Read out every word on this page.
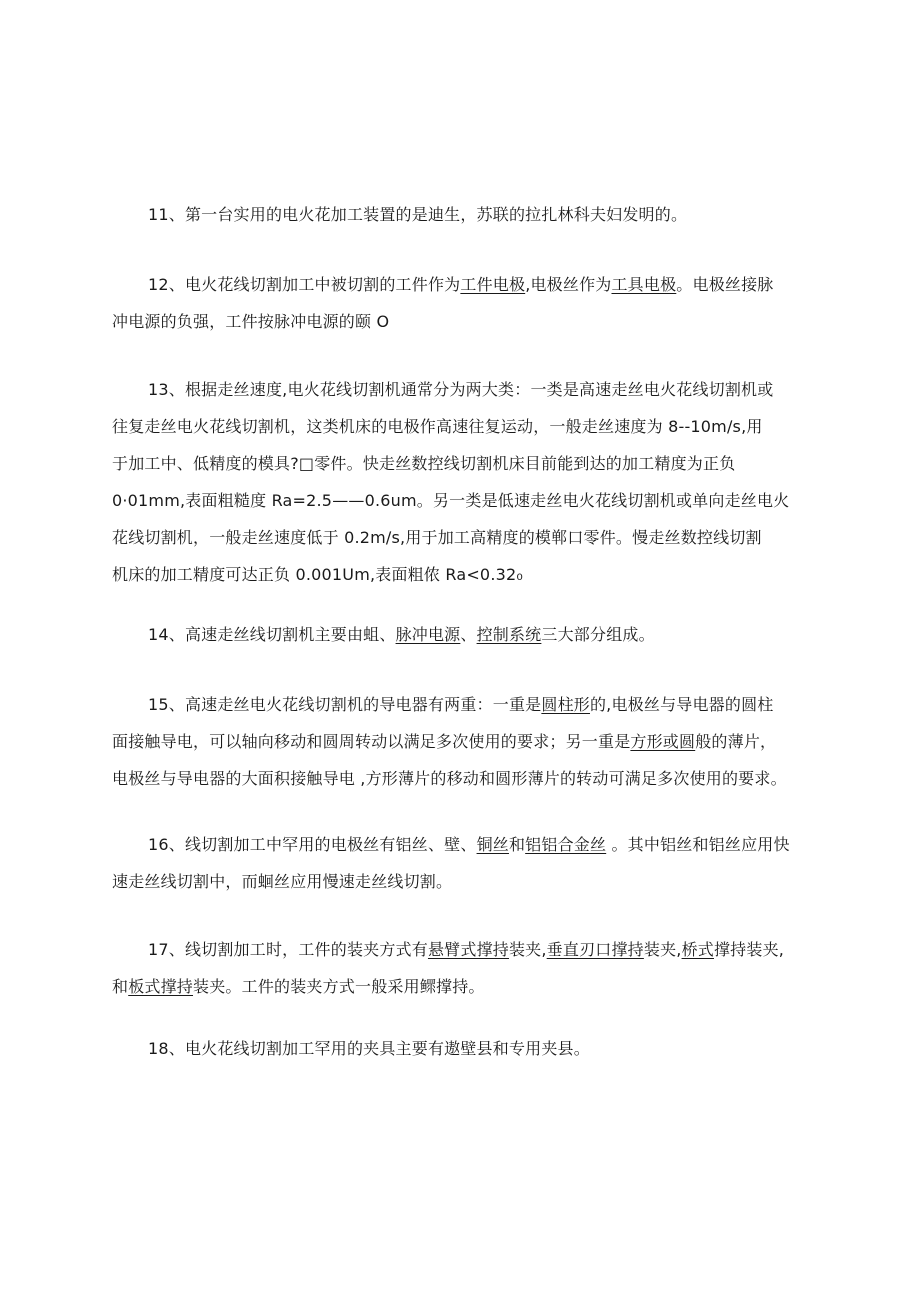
11、第一台实用的电火花加工装置的是迪生，苏联的拉扎林科夫妇发明的。
12、电火花线切割加工中被切割的工件作为工件电极,电极丝作为工具电极。电极丝接脉
冲电源的负强，工件按脉冲电源的颐 O
13、根据走丝速度,电火花线切割机通常分为两大类：一类是高速走丝电火花线切割机或
往复走丝电火花线切割机，这类机床的电极作高速往复运动，一般走丝速度为 8--10m∕s,用
于加工中、低精度的模具?□零件。快走丝数控线切割机床目前能到达的加工精度为正负
0·01mm,表面粗糙度 Ra=2.5——0.6um。另一类是低速走丝电火花线切割机或单向走丝电火
花线切割机，一般走丝速度低于 0.2m∕s,用于加工高精度的模郸口零件。慢走丝数控线切割
机床的加工精度可达正负 0.001Um,表面粗侬 Ra<0.32₀
14、高速走丝线切割机主要由蛆、脉冲电源、控制系统三大部分组成。
15、高速走丝电火花线切割机的导电器有两重：一重是圆柱形的,电极丝与导电器的圆柱
面接触导电，可以轴向移动和圆周转动以满足多次使用的要求；另一重是方形或圆般的薄片，
电极丝与导电器的大面积接触导电 ,方形薄片的移动和圆形薄片的转动可满足多次使用的要求。
16、线切割加工中罕用的电极丝有铝丝、壁、铜丝和铝铝合金丝 。其中铝丝和铝丝应用快
速走丝线切割中，而蛔丝应用慢速走丝线切割。
17、线切割加工时，工件的装夹方式有悬臂式撑持装夹,垂直刃口撑持装夹,桥式撑持装夹,
和板式撑持装夹。工件的装夹方式一般采用鳏撑持。
18、电火花线切割加工罕用的夹具主要有遨壁县和专用夹县。
